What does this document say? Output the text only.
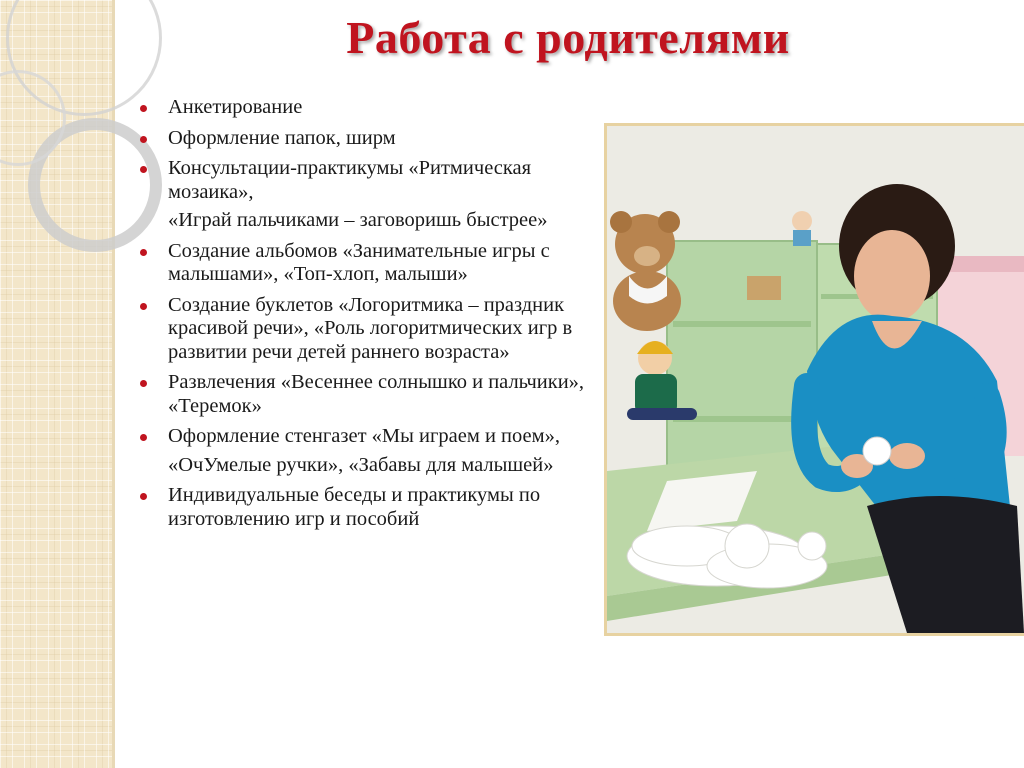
Работа с родителями
Анкетирование
Оформление папок, ширм
Консультации-практикумы «Ритмическая мозаика»,
«Играй пальчиками – заговоришь быстрее»
Создание альбомов «Занимательные игры с малышами», «Топ-хлоп, малыши»
Создание буклетов «Логоритмика – праздник красивой речи», «Роль логоритмических игр в развитии речи детей раннего возраста»
Развлечения «Весеннее солнышко и пальчики», «Теремок»
Оформление стенгазет «Мы играем и поем»,
«ОчУмелые ручки», «Забавы для малышей»
Индивидуальные беседы и практикумы по изготовлению игр и пособий
